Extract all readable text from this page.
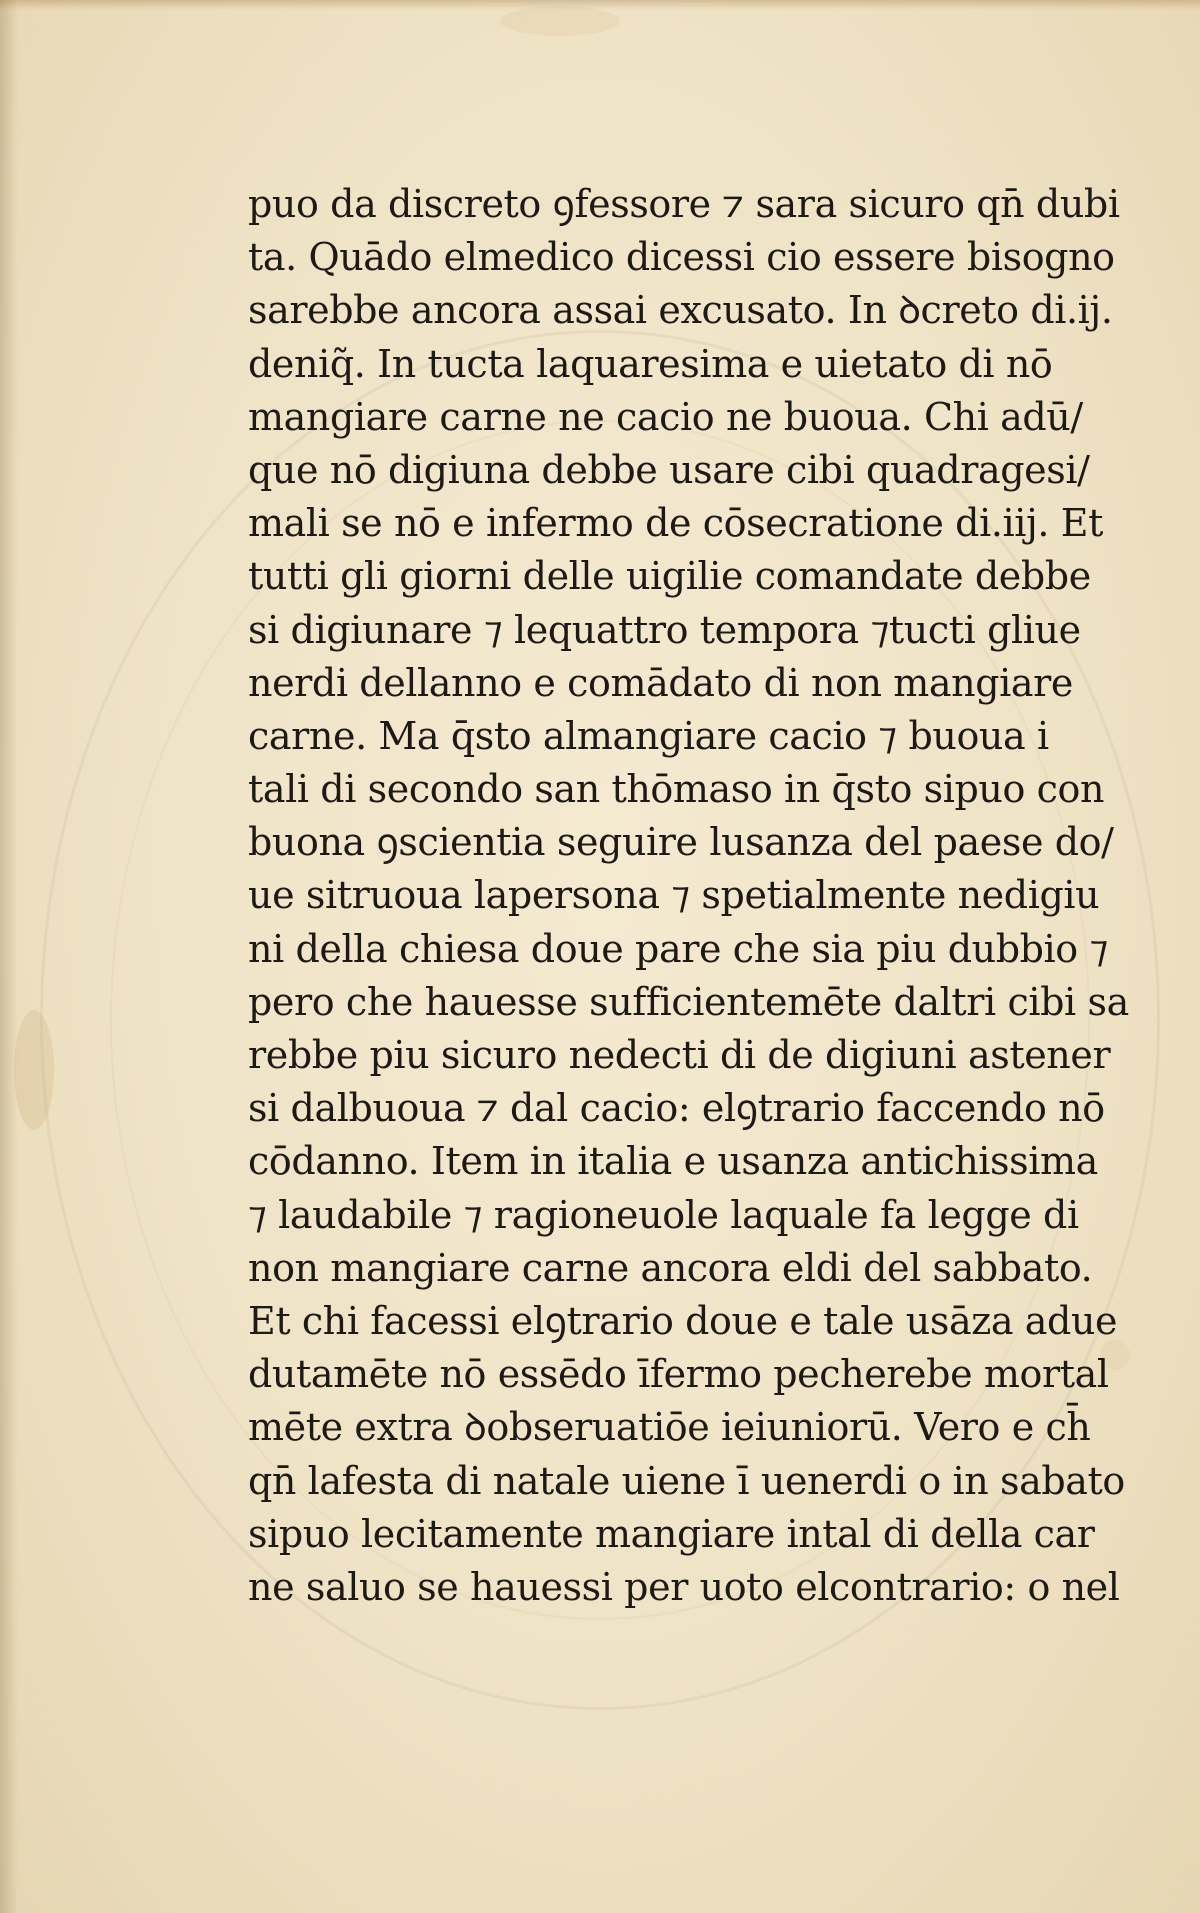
puo da discreto ꝯfessore ⁊ sara sicuro qn̄ dubi
ta. Quādo elmedico dicessi cio essere bisogno
sarebbe ancora assai excusato. In ꝺcreto di.ij.
deniq̃. In tucta laquaresima e uietato di nō
mangiare carne ne cacio ne buoua. Chi adū/
que nō digiuna debbe usare cibi quadragesi/
mali se nō e infermo de cōsecratione di.iij. Et
tutti gli giorni delle uigilie comandate debbe
si digiunare ⁊ lequattro tempora ⁊tucti gliue
nerdi dellanno e comādato di non mangiare
carne. Ma q̄sto almangiare cacio ⁊ buoua i
tali di secondo san thōmaso in q̄sto sipuo con
buona ꝯscientia seguire lusanza del paese do/
ue sitruoua lapersona ⁊ spetialmente nedigiu
ni della chiesa doue pare che sia piu dubbio ⁊
pero che hauesse sufficientemēte daltri cibi sa
rebbe piu sicuro nedecti di de digiuni astener
si dalbuoua ⁊ dal cacio: elꝯtrario faccendo nō
cōdanno. Item in italia e usanza antichissima
⁊ laudabile ⁊ ragioneuole laquale fa legge di
non mangiare carne ancora eldi del sabbato.
Et chi facessi elꝯtrario doue e tale usāza adue
dutamēte nō essēdo īfermo pecherebe mortal
mēte extra ꝺobseruatiōe ieiuniorū. Vero e ch̄
qn̄ lafesta di natale uiene ī uenerdi o in sabato
sipuo lecitamente mangiare intal di della car
ne saluo se hauessi per uoto elcontrario: o nel
